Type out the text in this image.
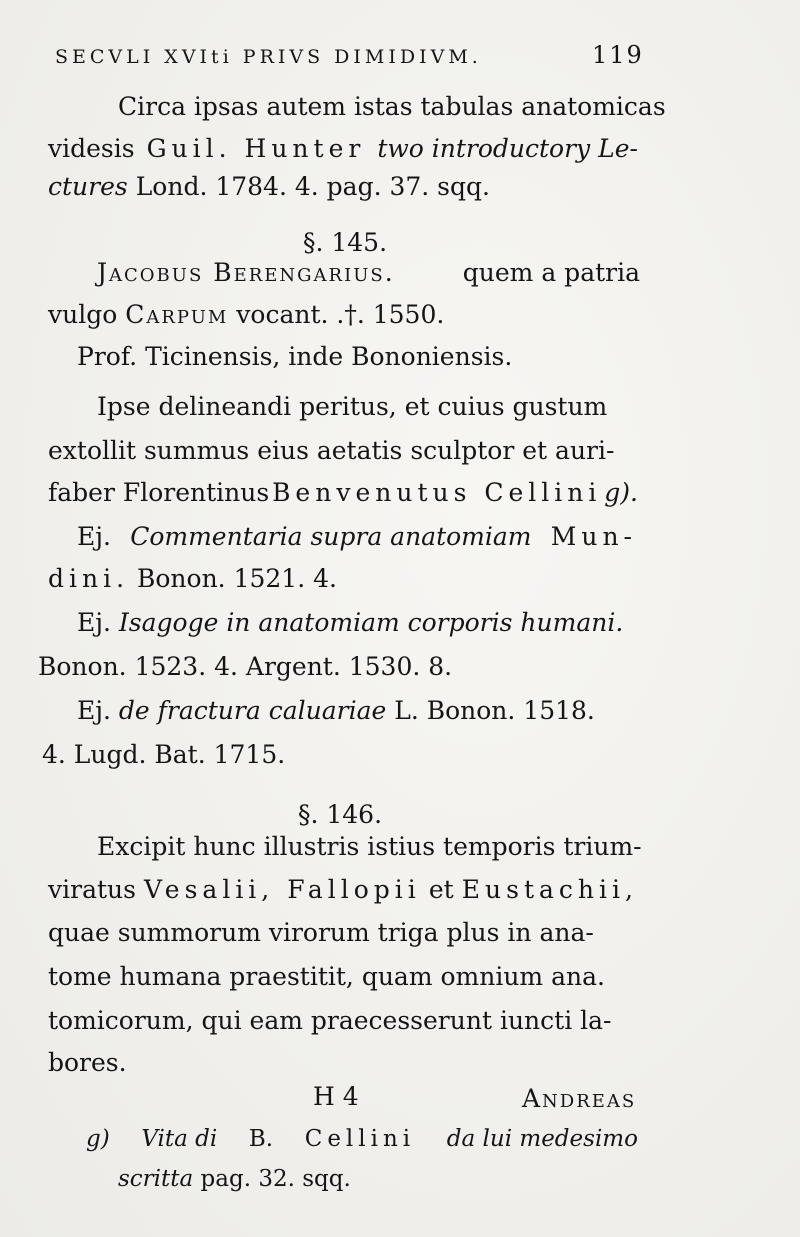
SECVLI XVIti PRIVS DIMIDIVM.	119
Circa ipsas autem istas tabulas anatomicas
videsis Guil. Hunter two introductory Le-
ctures Lond. 1784. 4. pag. 37. sqq.
§. 145.
Jacobus Berengarius.	quem a patria
vulgo Carpum vocant. .†. 1550.
Prof. Ticinensis, inde Bononiensis.
Ipse delineandi peritus, et cuius gustum
extollit summus eius aetatis sculptor et auri-
faber Florentinus Benvenutus Cellini g).
Ej. Commentaria supra anatomiam Mun-
dini. Bonon. 1521. 4.
Ej. Isagoge in anatomiam corporis humani.
Bonon. 1523. 4. Argent. 1530. 8.
Ej. de fractura caluariae L. Bonon. 1518.
4. Lugd. Bat. 1715.
§. 146.
Excipit hunc illustris istius temporis trium-
viratus Vesalii, Fallopii et Eustachii,
quae summorum virorum triga plus in ana-
tome humana praestitit, quam omnium ana.
tomicorum, qui eam praecesserunt iuncti la-
bores.
H 4	Andreas
g) Vita di B. Cellini da lui medesimo
scritta pag. 32. sqq.
